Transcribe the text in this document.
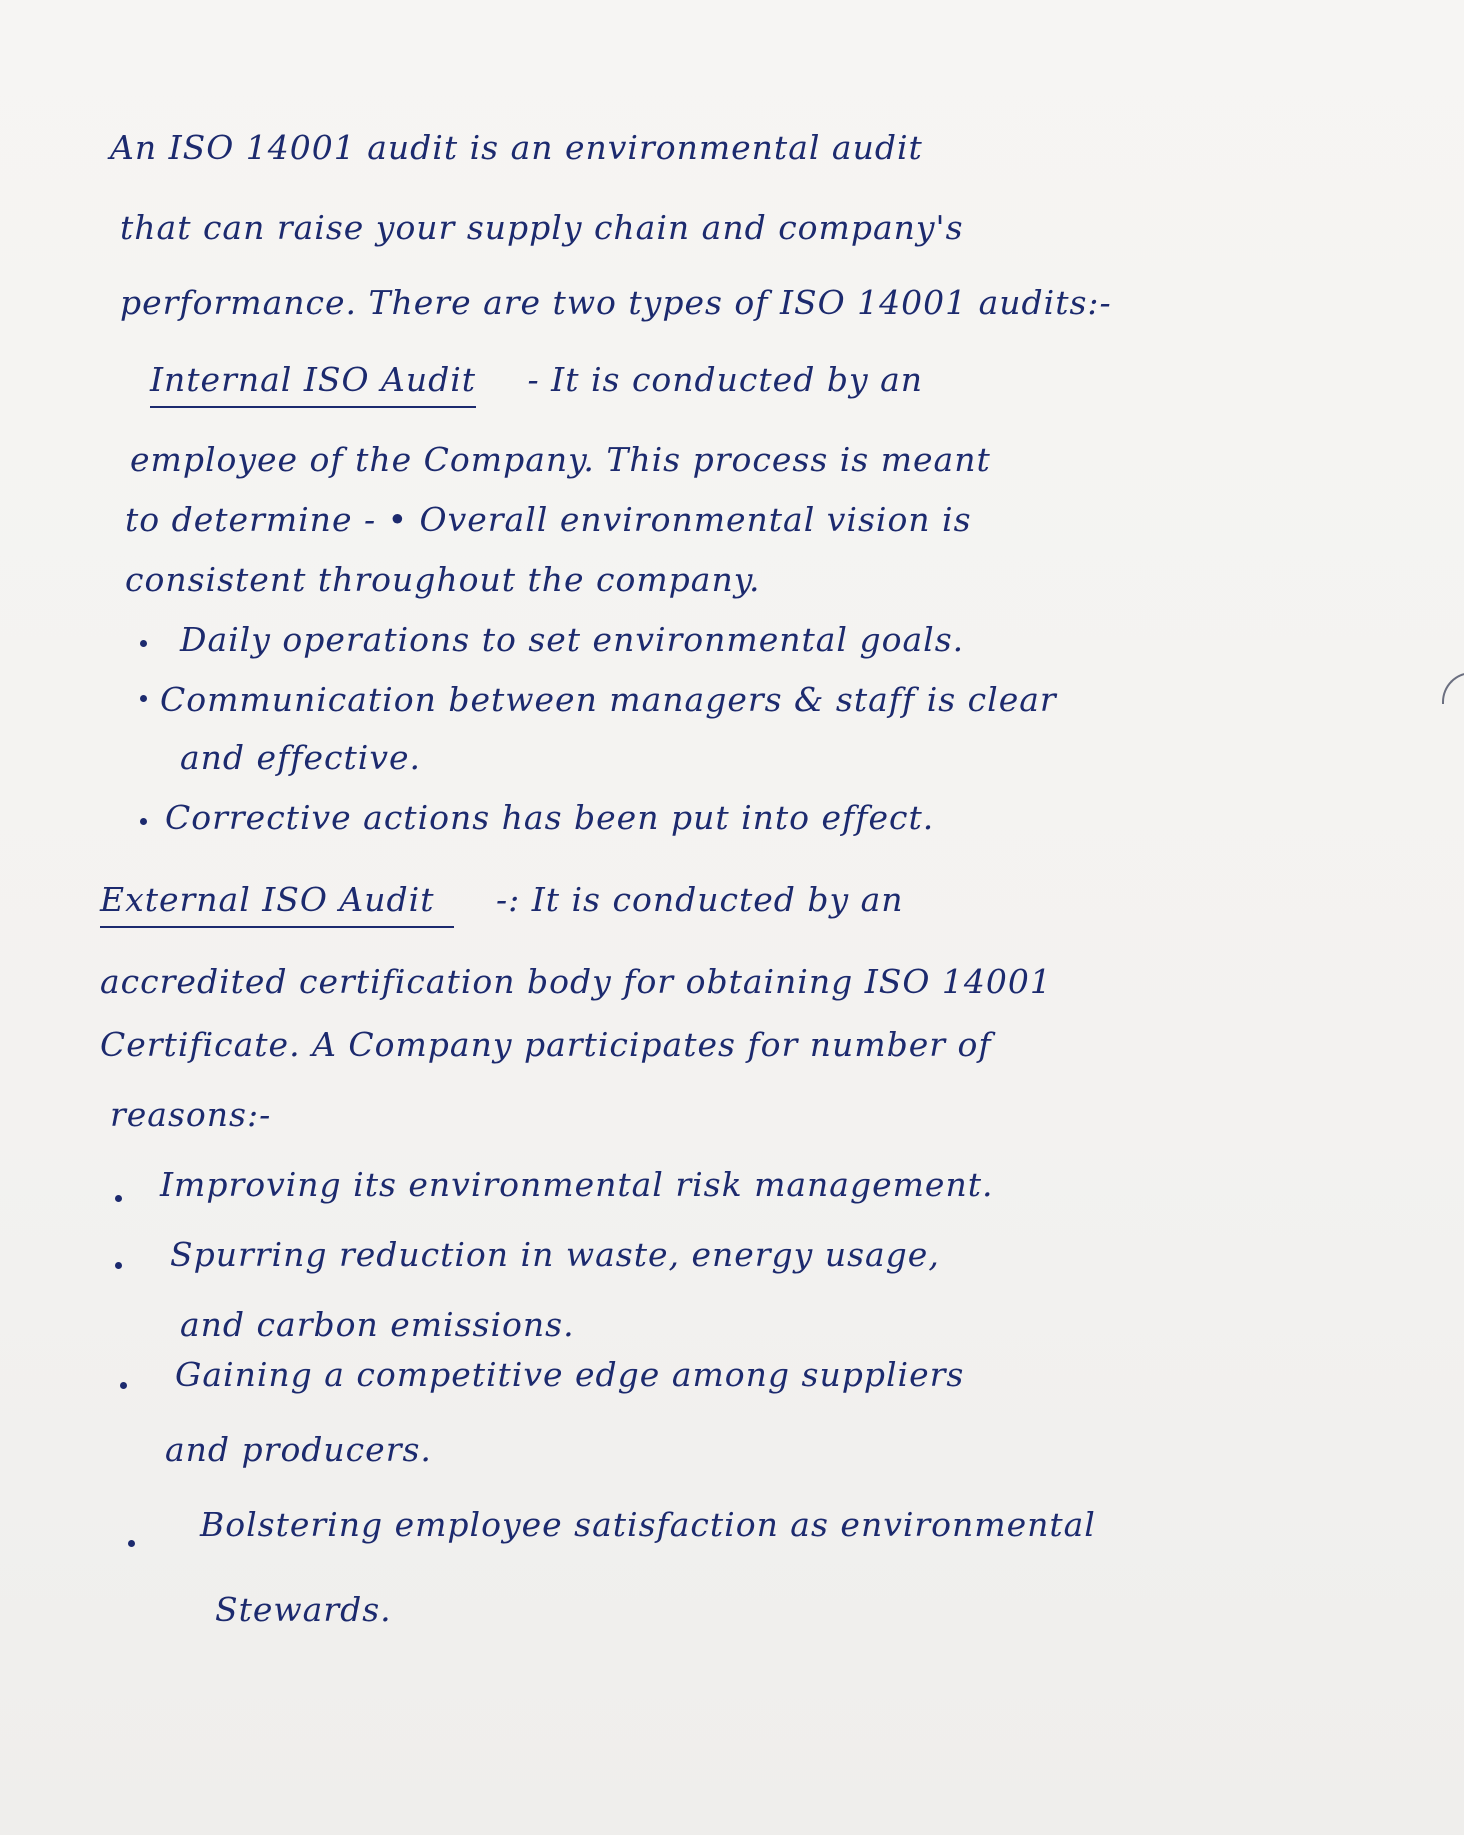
An ISO 14001 audit is an environmental audit
that can raise your supply chain and company's
performance. There are two types of ISO 14001 audits:-
Internal ISO Audit - It is conducted by an
employee of the Company. This process is meant
to determine - • Overall environmental vision is
consistent throughout the company.
Daily operations to set environmental goals.
Communication between managers & staff is clear
and effective.
Corrective actions has been put into effect.
External ISO Audit -: It is conducted by an
accredited certification body for obtaining ISO 14001
Certificate. A Company participates for number of
reasons:-
Improving its environmental risk management.
Spurring reduction in waste, energy usage,
and carbon emissions.
Gaining a competitive edge among suppliers
and producers.
Bolstering employee satisfaction as environmental
Stewards.
